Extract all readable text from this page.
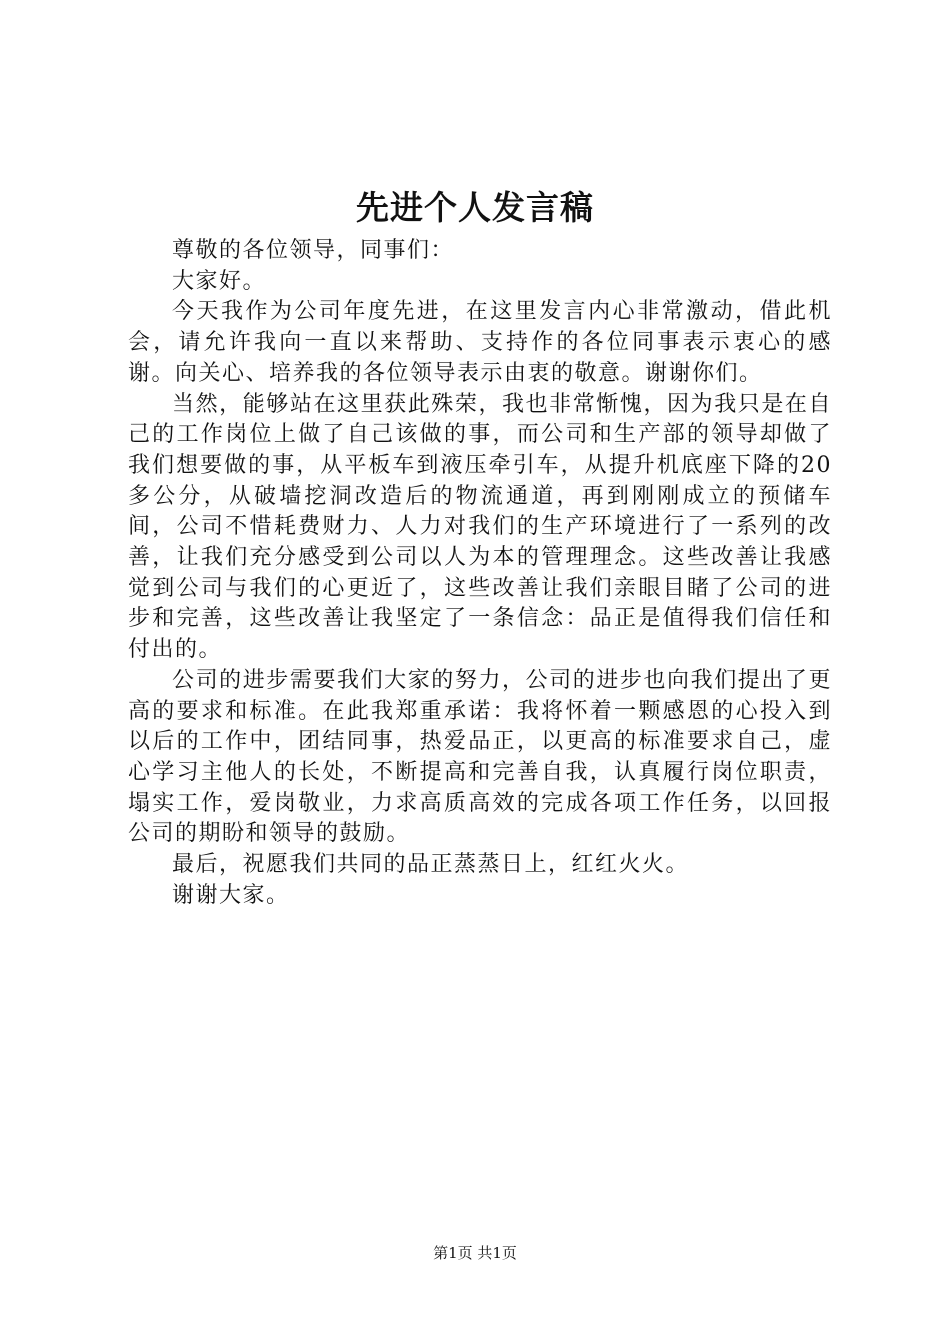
先进个人发言稿

尊敬的各位领导，同事们：

大家好。

今天我作为公司年度先进，在这里发言内心非常激动，借此机会，请允许我向一直以来帮助、支持作的各位同事表示衷心的感谢。向关心、培养我的各位领导表示由衷的敬意。谢谢你们。

当然，能够站在这里获此殊荣，我也非常惭愧，因为我只是在自己的工作岗位上做了自己该做的事，而公司和生产部的领导却做了我们想要做的事，从平板车到液压牵引车，从提升机底座下降的20多公分，从破墙挖洞改造后的物流通道，再到刚刚成立的预储车间，公司不惜耗费财力、人力对我们的生产环境进行了一系列的改善，让我们充分感受到公司以人为本的管理理念。这些改善让我感觉到公司与我们的心更近了，这些改善让我们亲眼目睹了公司的进步和完善，这些改善让我坚定了一条信念：品正是值得我们信任和付出的。

公司的进步需要我们大家的努力，公司的进步也向我们提出了更高的要求和标准。在此我郑重承诺：我将怀着一颗感恩的心投入到以后的工作中，团结同事，热爱品正，以更高的标准要求自己，虚心学习主他人的长处，不断提高和完善自我，认真履行岗位职责，塌实工作，爱岗敬业，力求高质高效的完成各项工作任务，以回报公司的期盼和领导的鼓励。

最后，祝愿我们共同的品正蒸蒸日上，红红火火。

谢谢大家。

第1页 共1页
